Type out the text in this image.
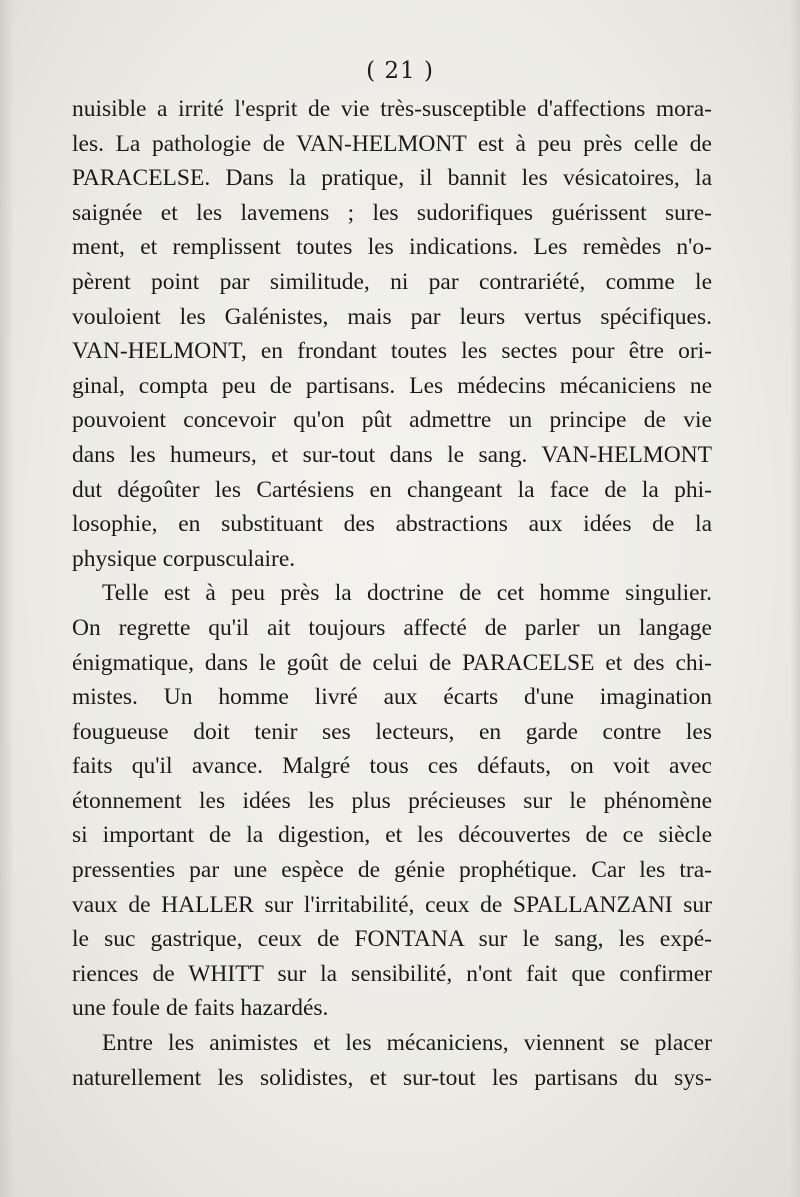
( 21 )
nuisible a irrité l'esprit de vie très-susceptible d'affections mora-
les. La pathologie de VAN-HELMONT est à peu près celle de
PARACELSE. Dans la pratique, il bannit les vésicatoires, la
saignée et les lavemens ; les sudorifiques guérissent sure-
ment, et remplissent toutes les indications. Les remèdes n'o-
pèrent point par similitude, ni par contrariété, comme le
vouloient les Galénistes, mais par leurs vertus spécifiques.
VAN-HELMONT, en frondant toutes les sectes pour être ori-
ginal, compta peu de partisans. Les médecins mécaniciens ne
pouvoient concevoir qu'on pût admettre un principe de vie
dans les humeurs, et sur-tout dans le sang. VAN-HELMONT
dut dégoûter les Cartésiens en changeant la face de la phi-
losophie, en substituant des abstractions aux idées de la
physique corpusculaire.
Telle est à peu près la doctrine de cet homme singulier.
On regrette qu'il ait toujours affecté de parler un langage
énigmatique, dans le goût de celui de PARACELSE et des chi-
mistes. Un homme livré aux écarts d'une imagination
fougueuse doit tenir ses lecteurs, en garde contre les
faits qu'il avance. Malgré tous ces défauts, on voit avec
étonnement les idées les plus précieuses sur le phénomène
si important de la digestion, et les découvertes de ce siècle
pressenties par une espèce de génie prophétique. Car les tra-
vaux de HALLER sur l'irritabilité, ceux de SPALLANZANI sur
le suc gastrique, ceux de FONTANA sur le sang, les expé-
riences de WHITT sur la sensibilité, n'ont fait que confirmer
une foule de faits hazardés.
Entre les animistes et les mécaniciens, viennent se placer
naturellement les solidistes, et sur-tout les partisans du sys-
